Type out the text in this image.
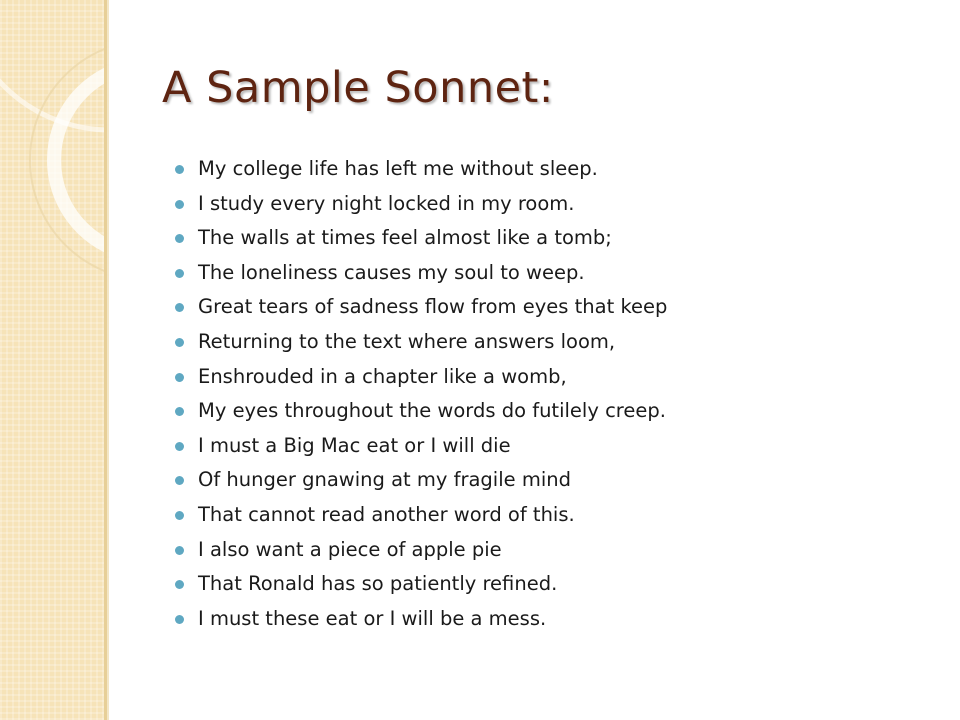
A Sample Sonnet:
My college life has left me without sleep.
I study every night locked in my room.
The walls at times feel almost like a tomb;
The loneliness causes my soul to weep.
Great tears of sadness flow from eyes that keep
Returning to the text where answers loom,
Enshrouded in a chapter like a womb,
My eyes throughout the words do futilely creep.
I must a Big Mac eat or I will die
Of hunger gnawing at my fragile mind
That cannot read another word of this.
I also want a piece of apple pie
That Ronald has so patiently refined.
I must these eat or I will be a mess.
